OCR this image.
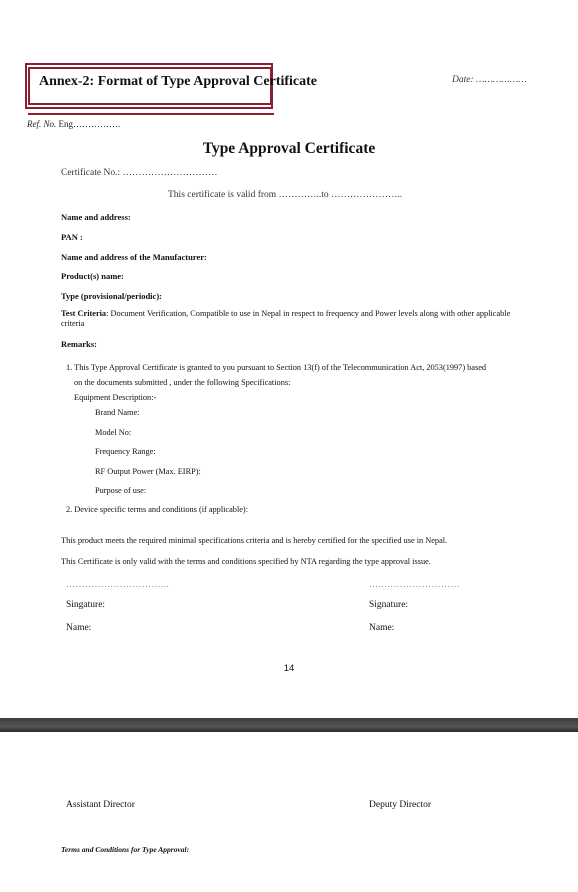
Annex-2: Format of Type Approval Certificate	Date: ………………
Ref. No. Eng…………….
Type Approval Certificate
Certificate No.: …………………………
This certificate is valid from …………..to …………………..
Name and address:
PAN :
Name and address of the Manufacturer:
Product(s) name:
Type (provisional/periodic):
Test Criteria: Document Verification, Compatible to use in Nepal in respect to frequency and Power levels along with other applicable criteria
Remarks:
1. This Type Approval Certificate is granted to you pursuant to Section 13(f) of the Telecommunication Act, 2053(1997) based
on the documents submitted , under the following Specifications:
Equipment Description:-
Brand Name:
Model No:
Frequency Range:
RF Output Power (Max. EIRP):
Purpose of use:
2. Device specific terms and conditions (if applicable):
This product meets the required minimal specifications criteria and is hereby certified for the specified use in Nepal.
This Certificate is only valid with the terms and conditions specified by NTA regarding the type approval issue.
…………………………...	…..……………………
Singature:	Signature:
Name:	Name:
14
Assistant Director	Deputy Director
Terms and Conditions for Type Approval:
